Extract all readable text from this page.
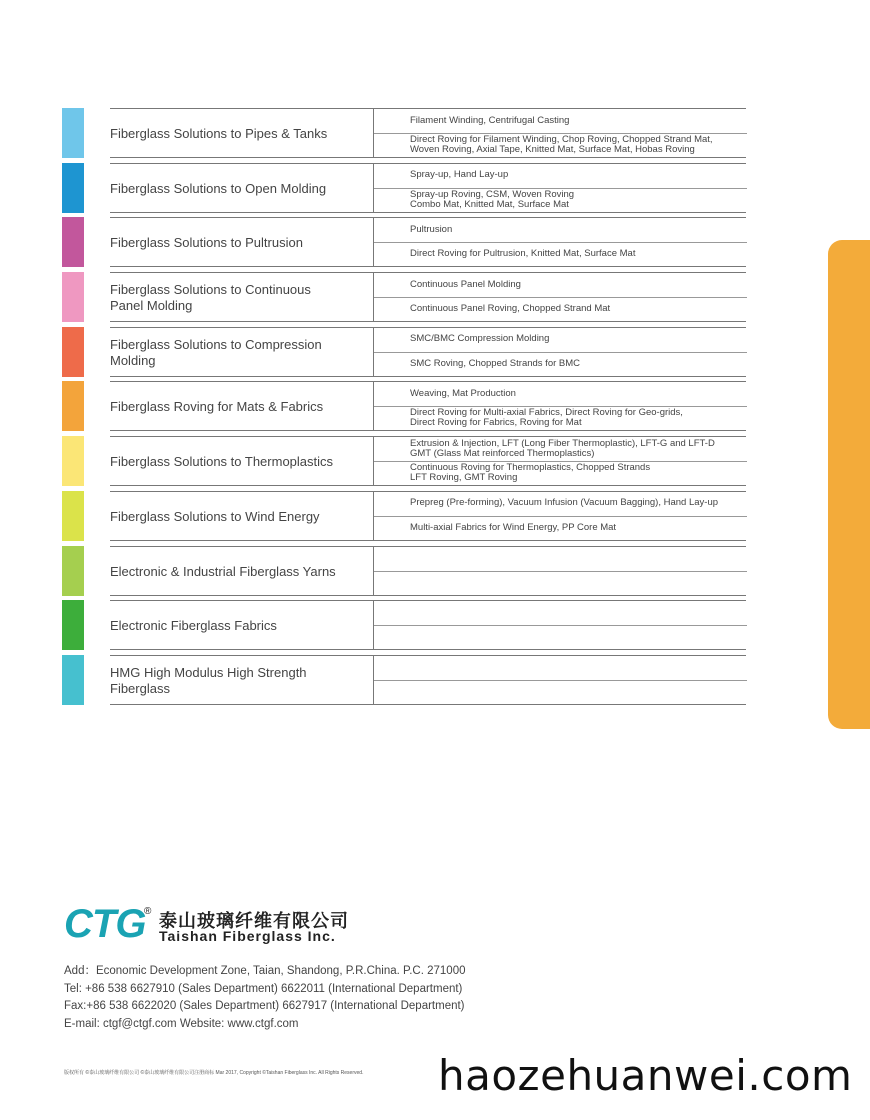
Fiberglass Solutions to Pipes & Tanks
Filament Winding, Centrifugal Casting
Direct Roving for Filament Winding, Chop Roving, Chopped Strand Mat,
Woven Roving, Axial Tape, Knitted Mat, Surface Mat, Hobas Roving
Fiberglass Solutions to Open Molding
Spray-up, Hand Lay-up
Spray-up Roving, CSM, Woven Roving
Combo Mat, Knitted Mat, Surface Mat
Fiberglass Solutions to Pultrusion
Pultrusion
Direct Roving for Pultrusion, Knitted Mat, Surface Mat
Fiberglass Solutions to Continuous
Panel Molding
Continuous Panel Molding
Continuous Panel Roving, Chopped Strand Mat
Fiberglass Solutions to Compression
Molding
SMC/BMC Compression Molding
SMC Roving, Chopped Strands for BMC
Fiberglass Roving for Mats & Fabrics
Weaving, Mat Production
Direct Roving for Multi-axial Fabrics, Direct Roving for Geo-grids,
Direct Roving for Fabrics, Roving for Mat
Fiberglass Solutions to Thermoplastics
Extrusion & Injection, LFT (Long Fiber Thermoplastic), LFT-G and LFT-D
GMT (Glass Mat reinforced Thermoplastics)
Continuous Roving for Thermoplastics, Chopped Strands
LFT Roving, GMT Roving
Fiberglass Solutions to Wind Energy
Prepreg (Pre-forming), Vacuum Infusion (Vacuum Bagging), Hand Lay-up
Multi-axial Fabrics for Wind Energy, PP Core Mat
Electronic & Industrial Fiberglass Yarns
Electronic Fiberglass Fabrics
HMG High Modulus High Strength
Fiberglass
CTG
® 泰山玻璃纤维有限公司
Taishan Fiberglass Inc.
Add：Economic Development Zone, Taian, Shandong, P.R.China. P.C. 271000
Tel: +86 538 6627910 (Sales Department) 6622011 (International Department)
Fax:+86 538 6622020 (Sales Department) 6627917 (International Department)
E-mail: ctgf@ctgf.com Website: www.ctgf.com
版权所有 ©泰山玻璃纤维有限公司 ©泰山玻璃纤维有限公司注册商标 Mar 2017, Copyright ©Taishan Fiberglass Inc. All Rights Reserved. haozehuanwei.com
